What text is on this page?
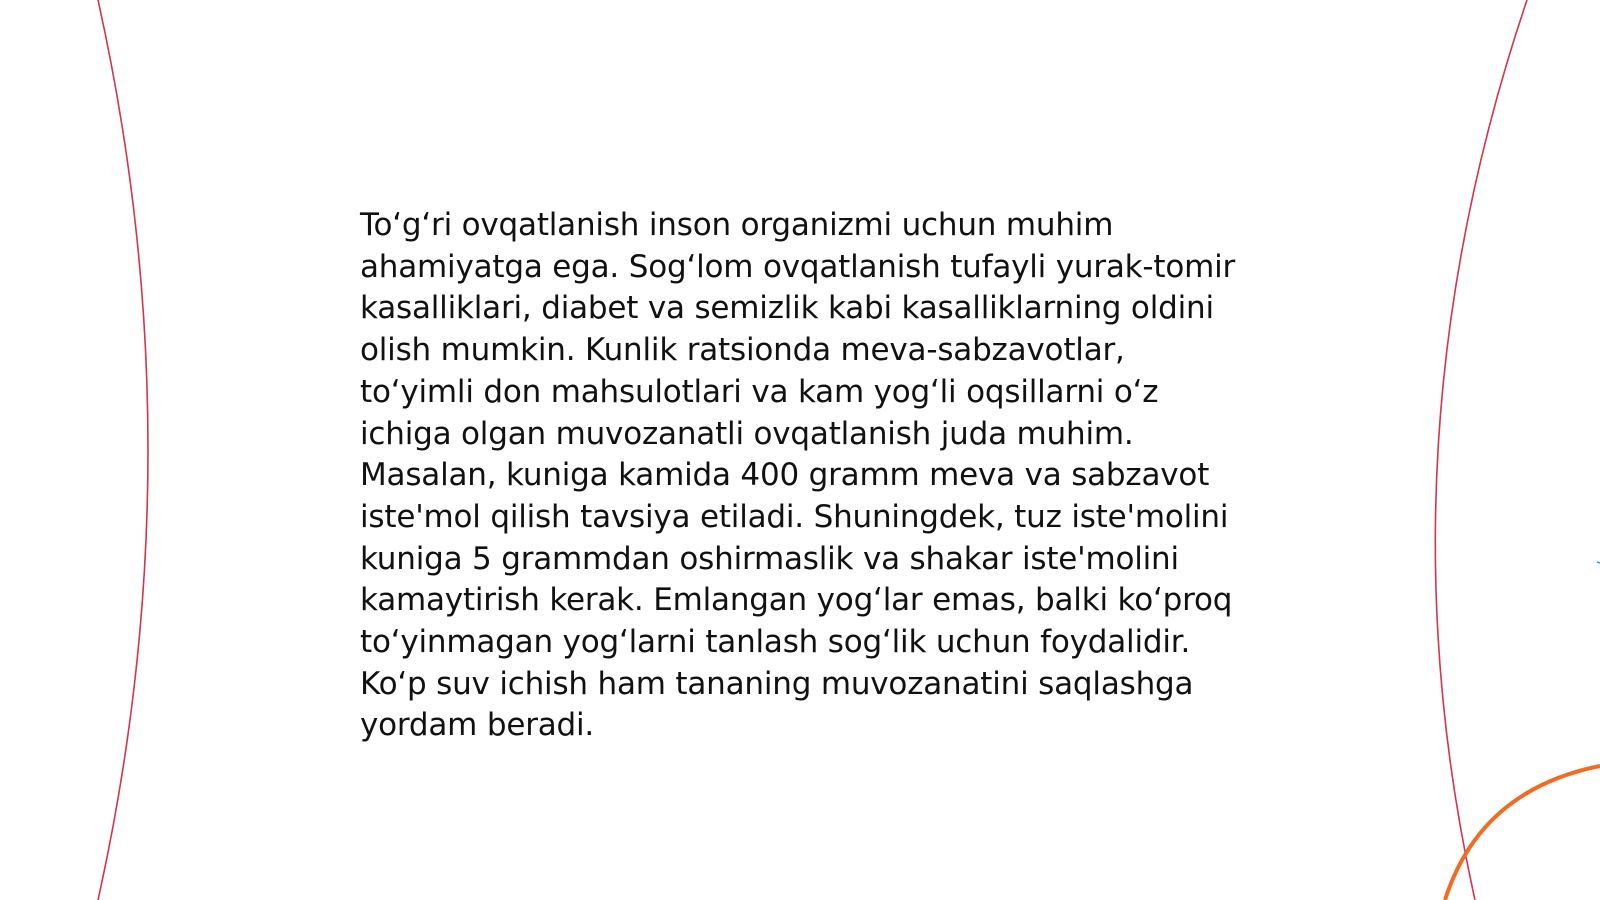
To‘g‘ri ovqatlanish inson organizmi uchun muhim ahamiyatga ega. Sog‘lom ovqatlanish tufayli yurak-tomir kasalliklari, diabet va semizlik kabi kasalliklarning oldini olish mumkin. Kunlik ratsionda meva-sabzavotlar, to‘yimli don mahsulotlari va kam yog‘li oqsillarni o‘z ichiga olgan muvozanatli ovqatlanish juda muhim. Masalan, kuniga kamida 400 gramm meva va sabzavot iste'mol qilish tavsiya etiladi. Shuningdek, tuz iste'molini kuniga 5 grammdan oshirmaslik va shakar iste'molini kamaytirish kerak. Emlangan yog‘lar emas, balki ko‘proq to‘yinmagan yog‘larni tanlash sog‘lik uchun foydalidir. Ko‘p suv ichish ham tananing muvozanatini saqlashga yordam beradi.
